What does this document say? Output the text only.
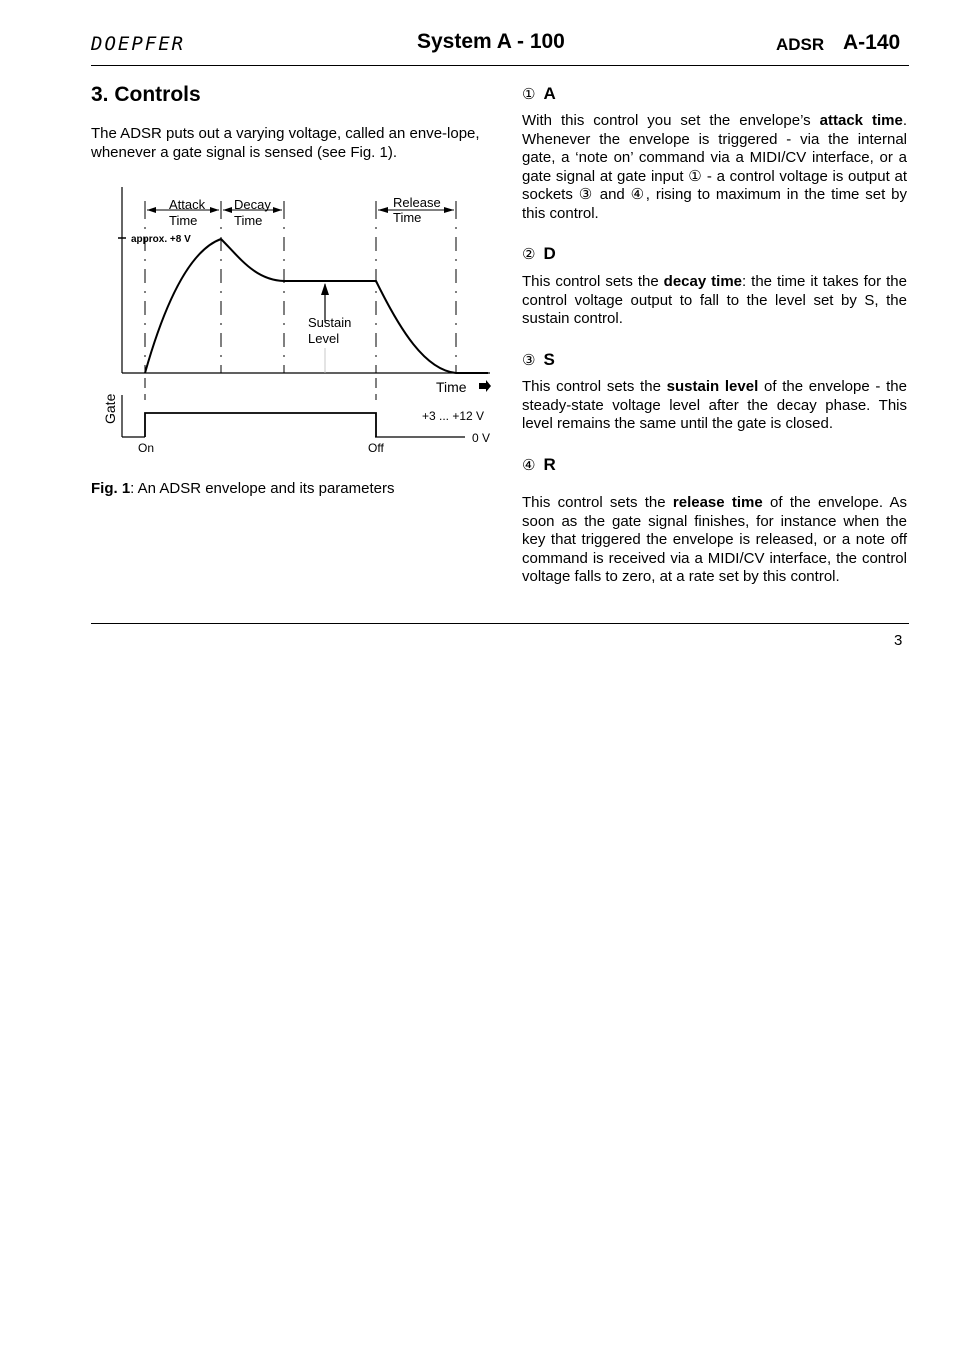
DOEPFER	System A - 100	ADSR A-140
3. Controls
The ADSR puts out a varying voltage, called an enve-lope, whenever a gate signal is sensed (see Fig. 1).
Attack
Time
Decay
Time
Release
Time
approx. +8 V
Sustain
Level
Time
Gate	+3 ... +12 V
0 V
On	Off
Fig. 1: An ADSR envelope and its parameters
① A
With this control you set the envelope’s attack time. Whenever the envelope is triggered - via the internal gate, a ‘note on’ command via a MIDI/CV interface, or a gate signal at gate input ① - a control voltage is output at sockets ③ and ④, rising to maximum in the time set by this control.
② D
This control sets the decay time: the time it takes for the control voltage output to fall to the level set by S, the sustain control.
③ S
This control sets the sustain level of the envelope - the steady-state voltage level after the decay phase. This level remains the same until the gate is closed.
④ R
This control sets the release time of the envelope. As soon as the gate signal finishes, for instance when the key that triggered the envelope is released, or a note off command is received via a MIDI/CV interface, the control voltage falls to zero, at a rate set by this control.
3
